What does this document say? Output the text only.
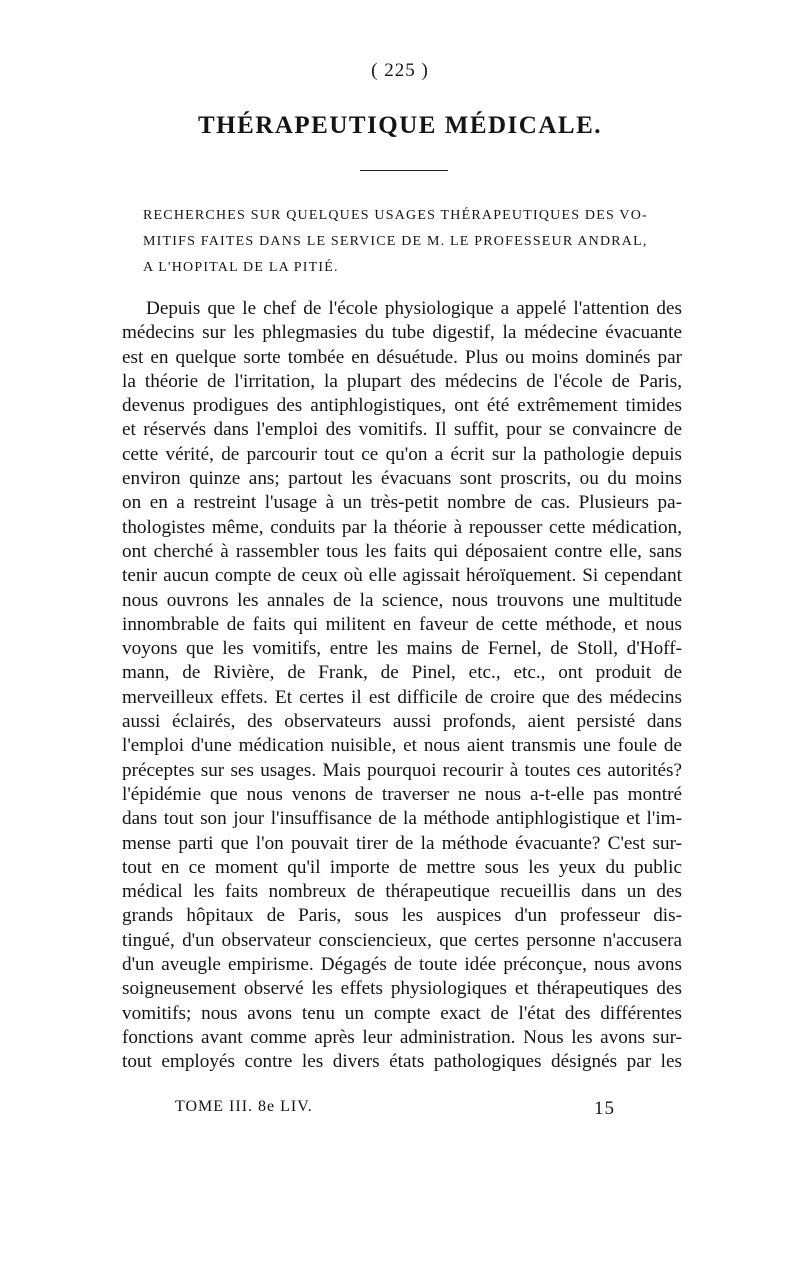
( 225 )
THÉRAPEUTIQUE MÉDICALE.
RECHERCHES SUR QUELQUES USAGES THÉRAPEUTIQUES DES VO-
MITIFS FAITES DANS LE SERVICE DE M. LE PROFESSEUR ANDRAL,
A L'HOPITAL DE LA PITIÉ.
Depuis que le chef de l'école physiologique a appelé l'attention des
médecins sur les phlegmasies du tube digestif, la médecine évacuante
est en quelque sorte tombée en désuétude. Plus ou moins dominés par
la théorie de l'irritation, la plupart des médecins de l'école de Paris,
devenus prodigues des antiphlogistiques, ont été extrêmement timides
et réservés dans l'emploi des vomitifs. Il suffit, pour se convaincre de
cette vérité, de parcourir tout ce qu'on a écrit sur la pathologie depuis
environ quinze ans; partout les évacuans sont proscrits, ou du moins
on en a restreint l'usage à un très-petit nombre de cas. Plusieurs pa-
thologistes même, conduits par la théorie à repousser cette médication,
ont cherché à rassembler tous les faits qui déposaient contre elle, sans
tenir aucun compte de ceux où elle agissait héroïquement. Si cependant
nous ouvrons les annales de la science, nous trouvons une multitude
innombrable de faits qui militent en faveur de cette méthode, et nous
voyons que les vomitifs, entre les mains de Fernel, de Stoll, d'Hoff-
mann, de Rivière, de Frank, de Pinel, etc., etc., ont produit de
merveilleux effets. Et certes il est difficile de croire que des médecins
aussi éclairés, des observateurs aussi profonds, aient persisté dans
l'emploi d'une médication nuisible, et nous aient transmis une foule de
préceptes sur ses usages. Mais pourquoi recourir à toutes ces autorités?
l'épidémie que nous venons de traverser ne nous a-t-elle pas montré
dans tout son jour l'insuffisance de la méthode antiphlogistique et l'im-
mense parti que l'on pouvait tirer de la méthode évacuante? C'est sur-
tout en ce moment qu'il importe de mettre sous les yeux du public
médical les faits nombreux de thérapeutique recueillis dans un des
grands hôpitaux de Paris, sous les auspices d'un professeur dis-
tingué, d'un observateur consciencieux, que certes personne n'accusera
d'un aveugle empirisme. Dégagés de toute idée préconçue, nous avons
soigneusement observé les effets physiologiques et thérapeutiques des
vomitifs; nous avons tenu un compte exact de l'état des différentes
fonctions avant comme après leur administration. Nous les avons sur-
tout employés contre les divers états pathologiques désignés par les
TOME III. 8e LIV.	15
